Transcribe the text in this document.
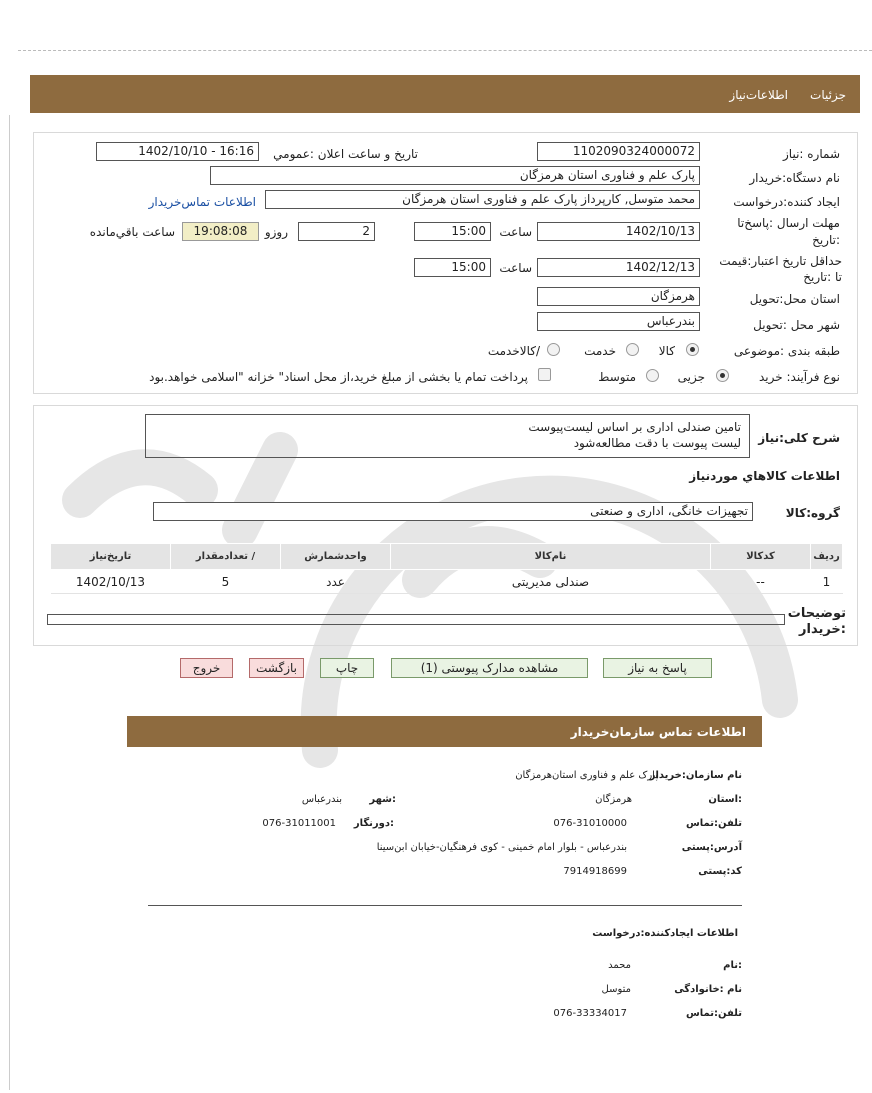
جزئیات
اطلاعات‌نیاز
شماره :نیاز
1102090324000072
تاریخ و ساعت اعلان :عمومي
1402/10/10 - 16:16
نام دستگاه:خریدار
پارک علم و فناوری استان هرمزگان
ایجاد کننده:درخواست
محمد متوسل, کارپرداز پارک علم و فناوری استان هرمزگان
اطلاعات تماس‌خریدار
مهلت ارسال :پاسخ‌تا
:تاریخ
1402/10/13
ساعت
15:00
2
روزو
19:08:08
ساعت باقي‌مانده
حداقل تاریخ اعتبار:قیمت
تا :تاریخ
1402/12/13
ساعت
15:00
استان محل:تحویل
هرمزگان
شهر محل :تحویل
بندرعباس
طبقه بندی :موضوعی
کالا
خدمت
/کالاخدمت
نوع فرآیند: خرید
جزیی
متوسط
پرداخت تمام یا بخشی از مبلغ خرید،از محل اسناد" خزانه "اسلامی خواهد.بود
شرح کلی:نیاز
تامین صندلی اداری بر اساس لیست‌پیوست
لیست پیوست با دقت مطالعه‌شود
اطلاعات کالاهاي موردنیاز
گروه:کالا
تجهیزات خانگی، اداری و صنعتی
ردیف	کدکالا	نام‌کالا	واحدشمارش	/ تعدادمقدار	تاریخ‌نیاز
1	--	صندلی مدیریتی	عدد	5	1402/10/13
توضیحات
:خریدار
پاسخ به نیاز
مشاهده مدارک پیوستی (1)
چاپ
بازگشت
خروج
اطلاعات تماس سازمان‌خریدار
نام سازمان:خریدار
پارک علم و فناوری استان‌هرمزگان
:استان
هرمزگان
:شهر
بندرعباس
تلفن:تماس
076-31010000
:دورنگار
076-31011001
آدرس:پستی
بندرعباس - بلوار امام خمینی - کوی فرهنگیان-خیابان ابن‌سینا
کد:پستی
7914918699
اطلاعات ایجادکننده:درخواست
:نام
محمد
نام :خانوادگی
متوسل
تلفن:تماس
076-33334017
